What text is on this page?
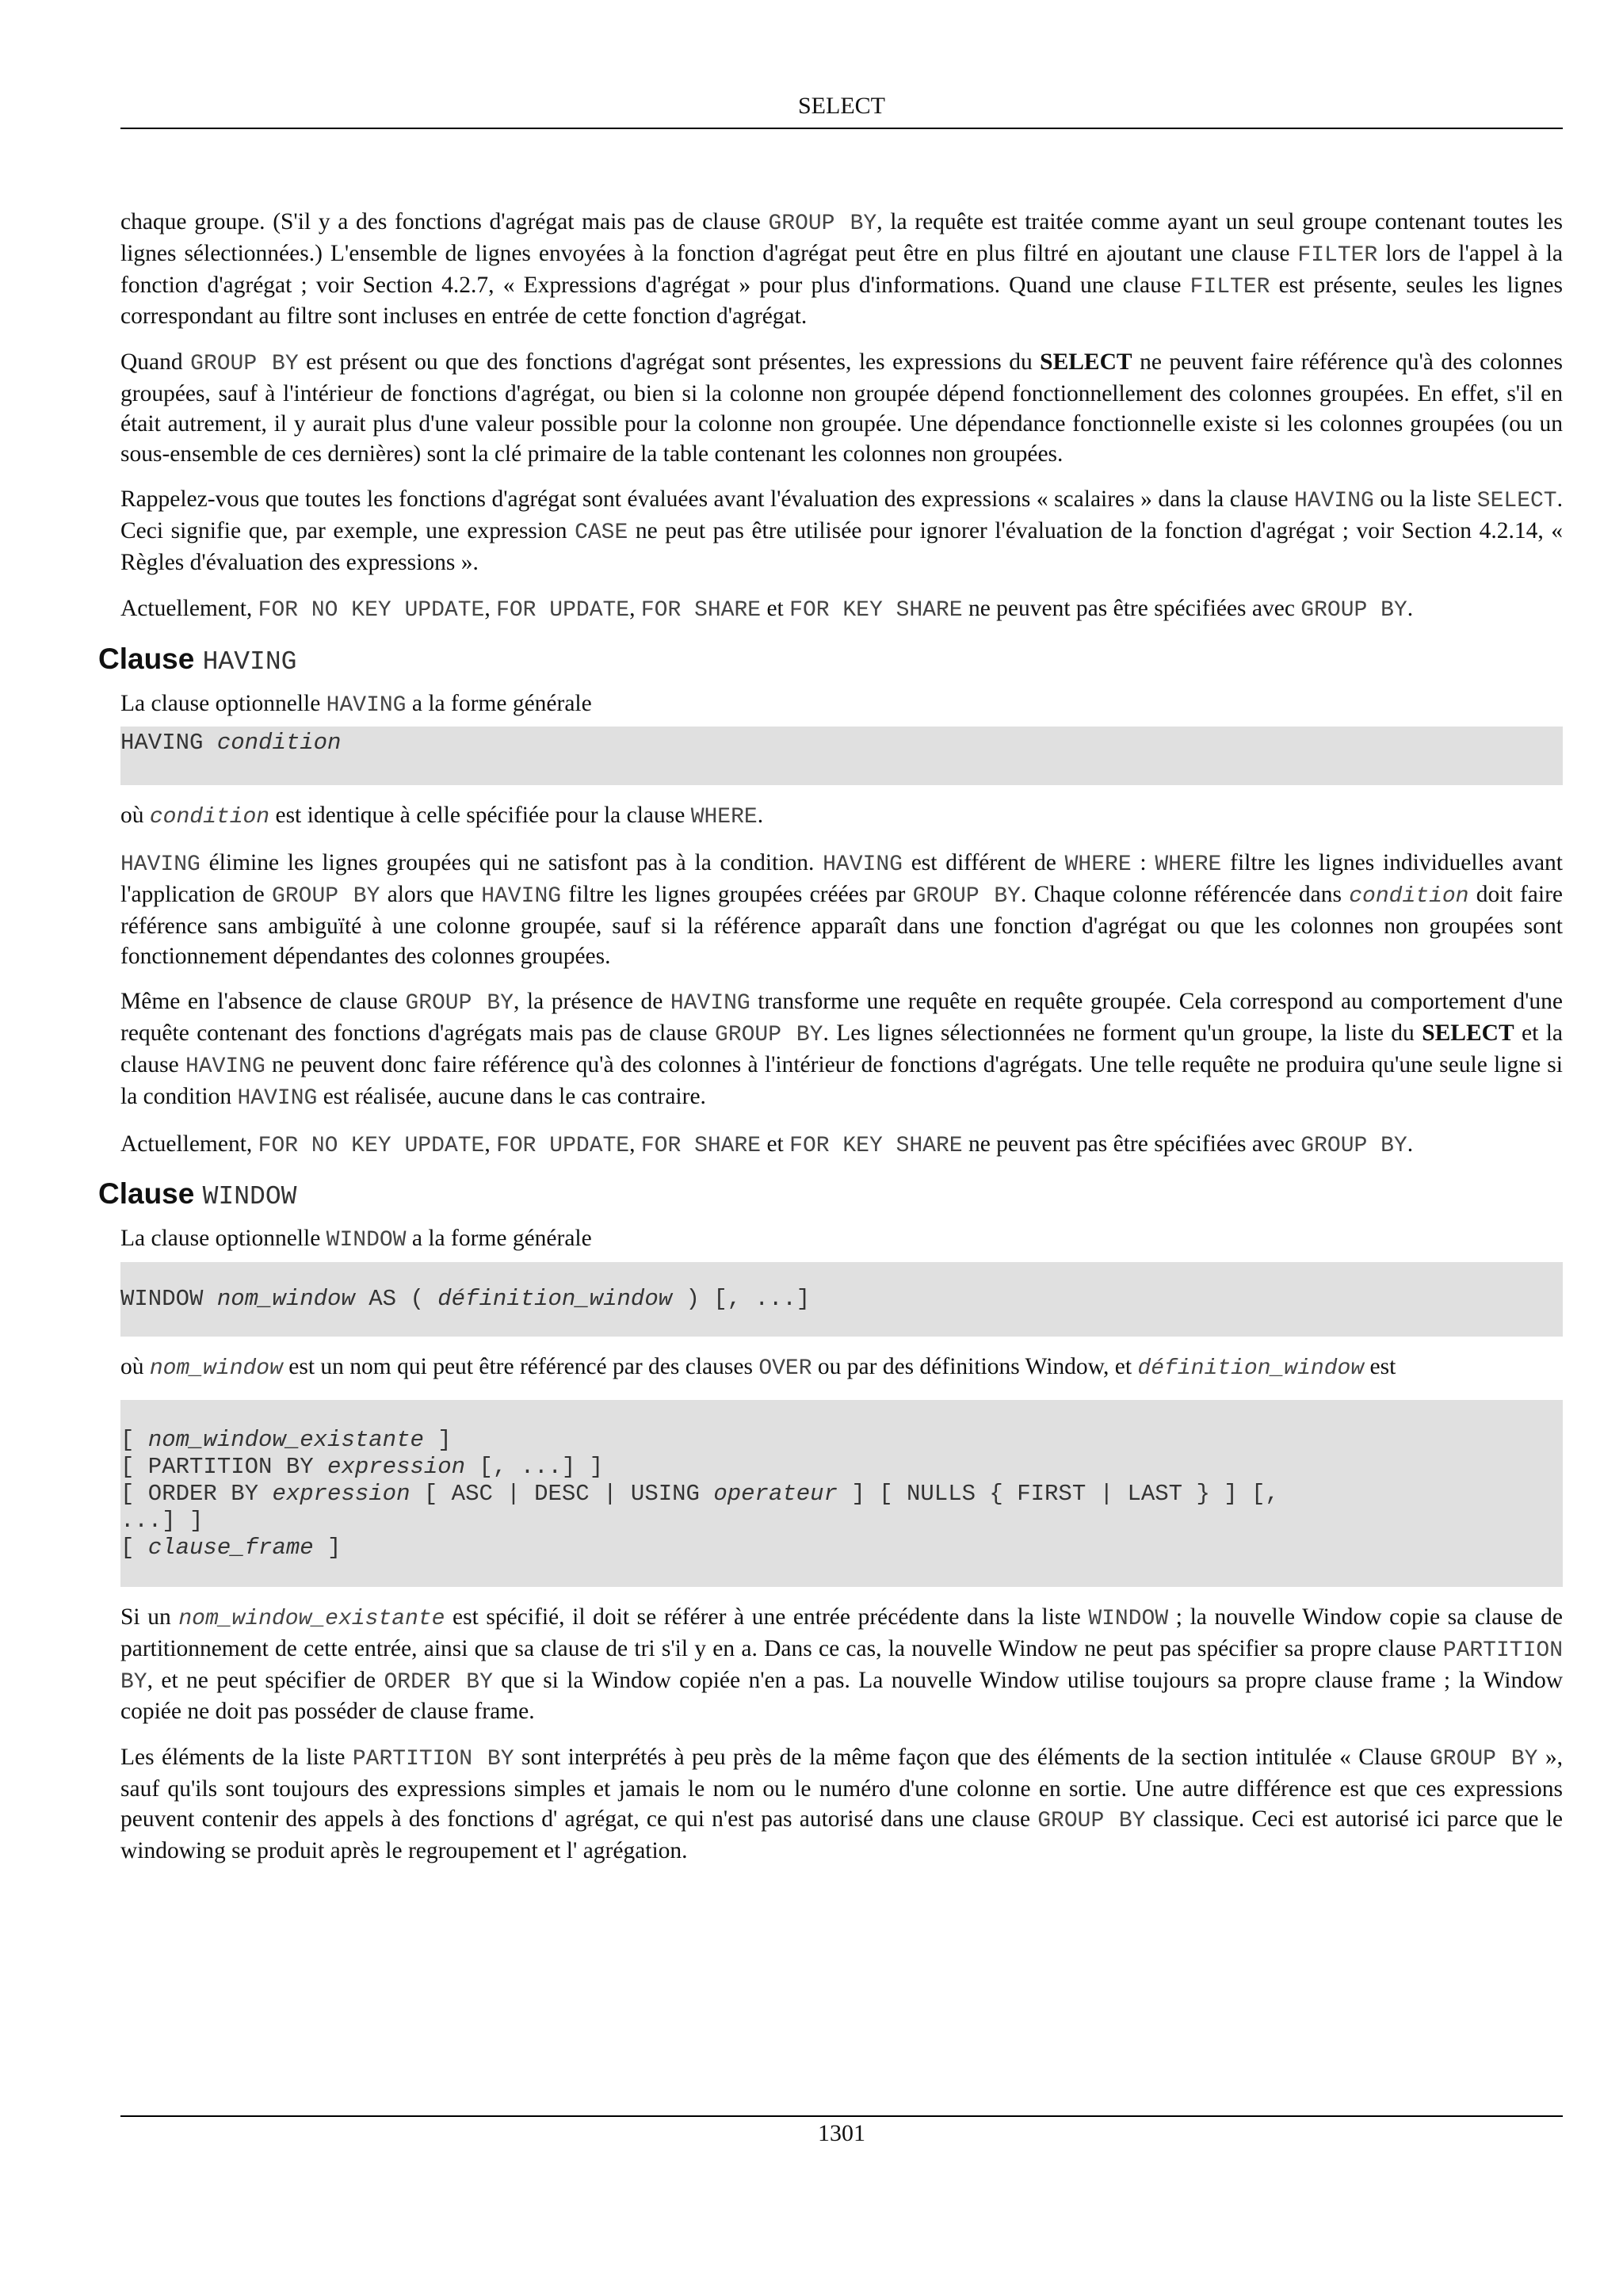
SELECT

chaque groupe. (S'il y a des fonctions d'agrégat mais pas de clause GROUP BY, la requête est traitée comme ayant un seul groupe contenant toutes les lignes sélectionnées.) L'ensemble de lignes envoyées à la fonction d'agrégat peut être en plus filtré en ajoutant une clause FILTER lors de l'appel à la fonction d'agrégat ; voir Section 4.2.7, « Expressions d'agrégat » pour plus d'informations. Quand une clause FILTER est présente, seules les lignes correspondant au filtre sont incluses en entrée de cette fonction d'agrégat.

Quand GROUP BY est présent ou que des fonctions d'agrégat sont présentes, les expressions du SELECT ne peuvent faire référence qu'à des colonnes groupées, sauf à l'intérieur de fonctions d'agrégat, ou bien si la colonne non groupée dépend fonctionnellement des colonnes groupées. En effet, s'il en était autrement, il y aurait plus d'une valeur possible pour la colonne non groupée. Une dépendance fonctionnelle existe si les colonnes groupées (ou un sous-ensemble de ces dernières) sont la clé primaire de la table contenant les colonnes non groupées.

Rappelez-vous que toutes les fonctions d'agrégat sont évaluées avant l'évaluation des expressions « scalaires » dans la clause HAVING ou la liste SELECT. Ceci signifie que, par exemple, une expression CASE ne peut pas être utilisée pour ignorer l'évaluation de la fonction d'agrégat ; voir Section 4.2.14, « Règles d'évaluation des expressions ».

Actuellement, FOR NO KEY UPDATE, FOR UPDATE, FOR SHARE et FOR KEY SHARE ne peuvent pas être spécifiées avec GROUP BY.

Clause HAVING

La clause optionnelle HAVING a la forme générale

HAVING condition

où condition est identique à celle spécifiée pour la clause WHERE.

HAVING élimine les lignes groupées qui ne satisfont pas à la condition. HAVING est différent de WHERE : WHERE filtre les lignes individuelles avant l'application de GROUP BY alors que HAVING filtre les lignes groupées créées par GROUP BY. Chaque colonne référencée dans condition doit faire référence sans ambiguïté à une colonne groupée, sauf si la référence apparaît dans une fonction d'agrégat ou que les colonnes non groupées sont fonctionnement dépendantes des colonnes groupées.

Même en l'absence de clause GROUP BY, la présence de HAVING transforme une requête en requête groupée. Cela correspond au comportement d'une requête contenant des fonctions d'agrégats mais pas de clause GROUP BY. Les lignes sélectionnées ne forment qu'un groupe, la liste du SELECT et la clause HAVING ne peuvent donc faire référence qu'à des colonnes à l'intérieur de fonctions d'agrégats. Une telle requête ne produira qu'une seule ligne si la condition HAVING est réalisée, aucune dans le cas contraire.

Actuellement, FOR NO KEY UPDATE, FOR UPDATE, FOR SHARE et FOR KEY SHARE ne peuvent pas être spécifiées avec GROUP BY.

Clause WINDOW

La clause optionnelle WINDOW a la forme générale

WINDOW nom_window AS ( définition_window ) [, ...]

où nom_window est un nom qui peut être référencé par des clauses OVER ou par des définitions Window, et définition_window est

[ nom_window_existante ]
[ PARTITION BY expression [, ...] ]
[ ORDER BY expression [ ASC | DESC | USING operateur ] [ NULLS { FIRST | LAST } ] [,
...] ]
[ clause_frame ]

Si un nom_window_existante est spécifié, il doit se référer à une entrée précédente dans la liste WINDOW ; la nouvelle Window copie sa clause de partitionnement de cette entrée, ainsi que sa clause de tri s'il y en a. Dans ce cas, la nouvelle Window ne peut pas spécifier sa propre clause PARTITION BY, et ne peut spécifier de ORDER BY que si la Window copiée n'en a pas. La nouvelle Window utilise toujours sa propre clause frame ; la Window copiée ne doit pas posséder de clause frame.

Les éléments de la liste PARTITION BY sont interprétés à peu près de la même façon que des éléments de la section intitulée « Clause GROUP BY », sauf qu'ils sont toujours des expressions simples et jamais le nom ou le numéro d'une colonne en sortie. Une autre différence est que ces expressions peuvent contenir des appels à des fonctions d' agrégat, ce qui n'est pas autorisé dans une clause GROUP BY classique. Ceci est autorisé ici parce que le windowing se produit après le regroupement et l' agrégation.

1301
